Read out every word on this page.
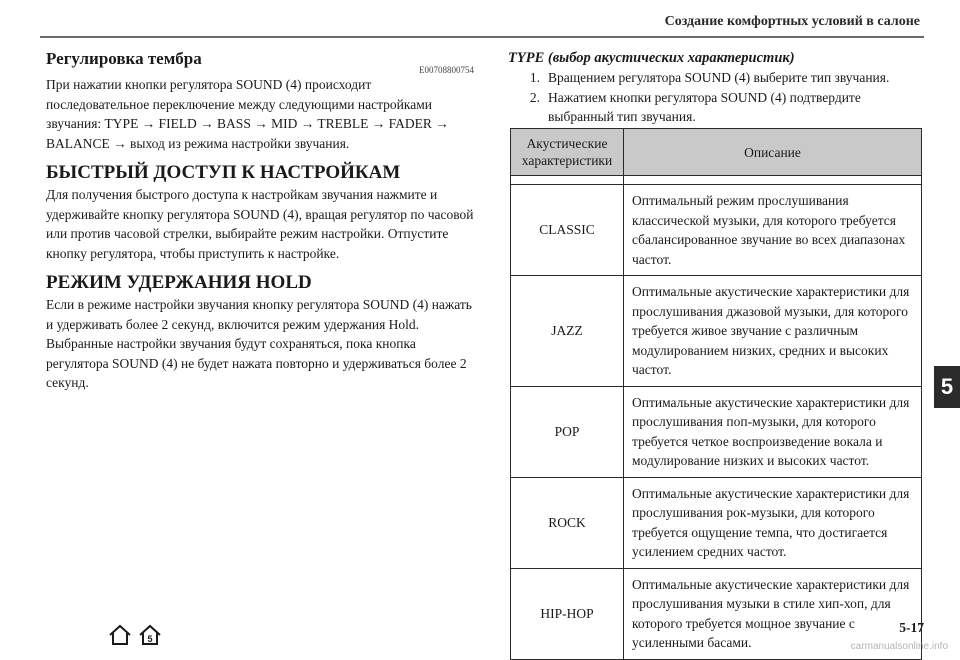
Создание комфортных условий в салоне
Регулировка тембра
E00708800754

При нажатии кнопки регулятора SOUND (4) происходит последовательное переключение между следующими настройками звучания: TYPE → FIELD → BASS → MID → TREBLE → FADER → BALANCE → выход из режима настройки звучания.

БЫСТРЫЙ ДОСТУП К НАСТРОЙКАМ

Для получения быстрого доступа к настройкам звучания нажмите и удерживайте кнопку регулятора SOUND (4), вращая регулятор по часовой или против часовой стрелки, выбирайте режим настройки. Отпустите кнопку регулятора, чтобы приступить к настройке.

РЕЖИМ УДЕРЖАНИЯ HOLD

Если в режиме настройки звучания кнопку регулятора SOUND (4) нажать и удерживать более 2 секунд, включится режим удержания Hold. Выбранные настройки звучания будут сохраняться, пока кнопка регулятора SOUND (4) не будет нажата повторно и удерживаться более 2 секунд.

TYPE (выбор акустических характеристик)
1. Вращением регулятора SOUND (4) выберите тип звучания.
2. Нажатием кнопки регулятора SOUND (4) подтвердите выбранный тип звучания.
Акустические характеристики	Описание

CLASSIC	Оптимальный режим прослушивания классической музыки, для которого требуется сбалансированное звучание во всех диапазонах частот.
JAZZ	Оптимальные акустические характеристики для прослушивания джазовой музыки, для которого требуется живое звучание с различным модулированием низких, средних и высоких частот.
POP	Оптимальные акустические характеристики для прослушивания поп-музыки, для которого требуется четкое воспроизведение вокала и модулирование низких и высоких частот.
ROCK	Оптимальные акустические характеристики для прослушивания рок-музыки, для которого требуется ощущение темпа, что достигается усилением средних частот.
HIP-HOP	Оптимальные акустические характеристики для прослушивания музыки в стиле хип-хоп, для которого требуется мощное звучание с усиленными басами.
5
5
5-17
carmanualsonline.info
